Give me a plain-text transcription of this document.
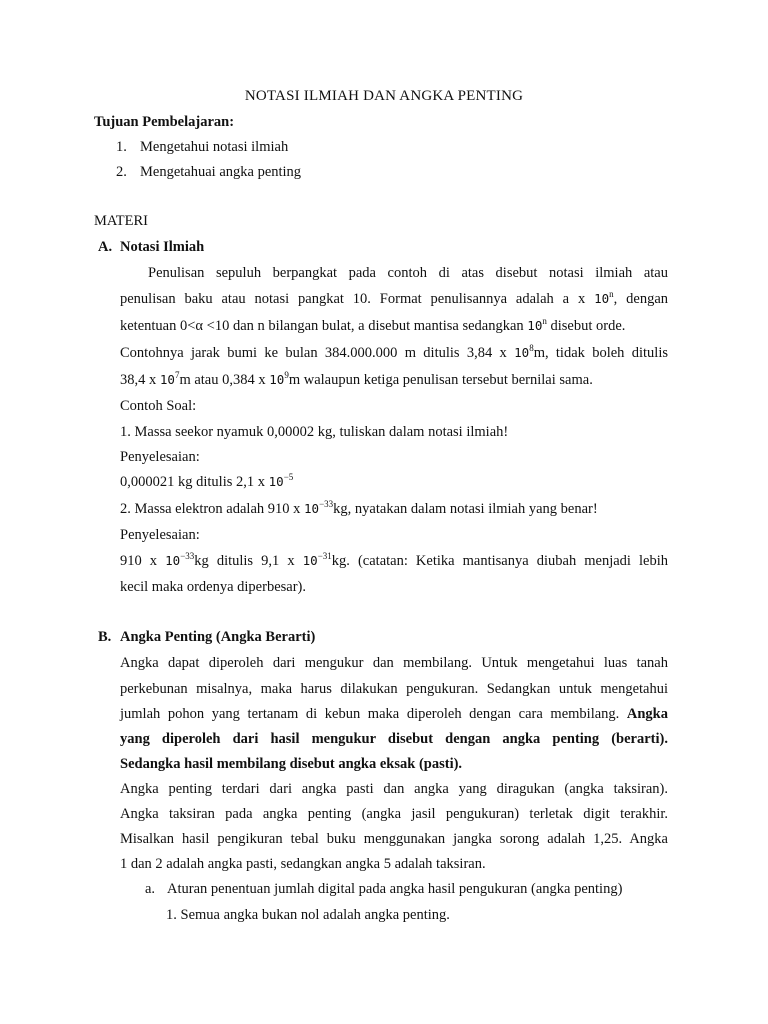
NOTASI ILMIAH DAN ANGKA PENTING
Tujuan Pembelajaran:
1. Mengetahui notasi ilmiah
2. Mengetahuai angka penting
MATERI
A. Notasi Ilmiah
Penulisan sepuluh berpangkat pada contoh di atas disebut notasi ilmiah atau
penulisan baku atau notasi pangkat 10. Format penulisannya adalah a x 10$^n$, dengan
ketentuan 0<α <10 dan n bilangan bulat, a disebut mantisa sedangkan 10$^n$ disebut orde.
Contohnya jarak bumi ke bulan 384.000.000 m ditulis 3,84 x $10^8m$, tidak boleh ditulis
38,4 x $10^7m$ atau 0,384 x $10^9m$ walaupun ketiga penulisan tersebut bernilai sama.
Contoh Soal:
1. Massa seekor nyamuk 0,00002 kg, tuliskan dalam notasi ilmiah!
Penyelesaian:
0,000021 kg ditulis 2,1 x $10^{-5}$
2. Massa elektron adalah 910 x $10^{-33}kg$, nyatakan dalam notasi ilmiah yang benar!
Penyelesaian:
910 x $10^{-33}kg$ ditulis 9,1 x $10^{-31}kg$. (catatan: Ketika mantisanya diubah menjadi lebih
kecil maka ordenya diperbesar).
B. Angka Penting (Angka Berarti)
Angka dapat diperoleh dari mengukur dan membilang. Untuk mengetahui luas tanah
perkebunan misalnya, maka harus dilakukan pengukuran. Sedangkan untuk mengetahui
jumlah pohon yang tertanam di kebun maka diperoleh dengan cara membilang. Angka
yang diperoleh dari hasil mengukur disebut dengan angka penting (berarti).
Sedangka hasil membilang disebut angka eksak (pasti).
Angka penting terdari dari angka pasti dan angka yang diragukan (angka taksiran).
Angka taksiran pada angka penting (angka jasil pengukuran) terletak digit terakhir.
Misalkan hasil pengikuran tebal buku menggunakan jangka sorong adalah 1,25. Angka
1 dan 2 adalah angka pasti, sedangkan angka 5 adalah taksiran.
a. Aturan penentuan jumlah digital pada angka hasil pengukuran (angka penting)
1. Semua angka bukan nol adalah angka penting.
